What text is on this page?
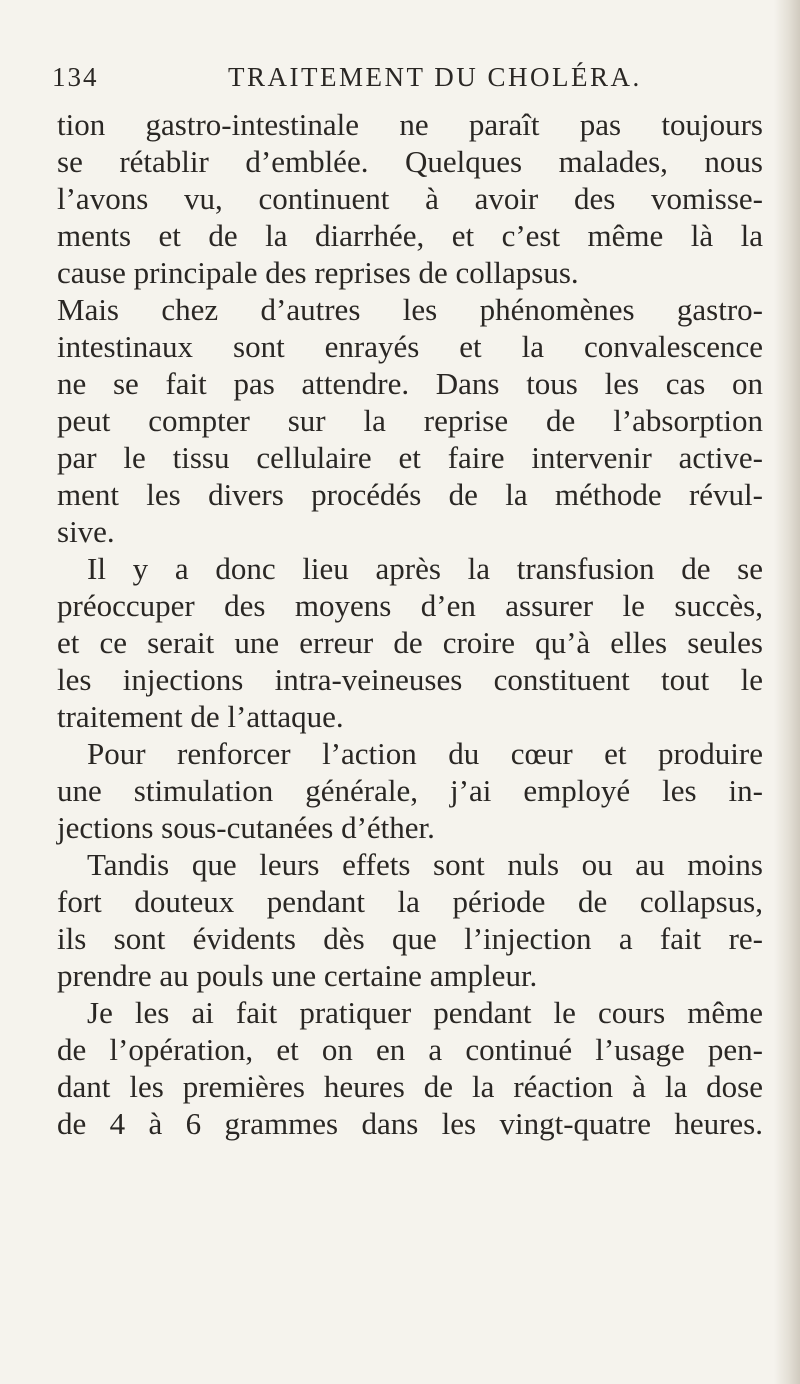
134	TRAITEMENT DU CHOLÉRA.
tion gastro-intestinale ne paraît pas toujours
se rétablir d’emblée. Quelques malades, nous
l’avons vu, continuent à avoir des vomisse-
ments et de la diarrhée, et c’est même là la
cause principale des reprises de collapsus.
Mais chez d’autres les phénomènes gastro-
intestinaux sont enrayés et la convalescence
ne se fait pas attendre. Dans tous les cas on
peut compter sur la reprise de l’absorption
par le tissu cellulaire et faire intervenir active-
ment les divers procédés de la méthode révul-
sive.
Il y a donc lieu après la transfusion de se
préoccuper des moyens d’en assurer le succès,
et ce serait une erreur de croire qu’à elles seules
les injections intra-veineuses constituent tout le
traitement de l’attaque.
Pour renforcer l’action du cœur et produire
une stimulation générale, j’ai employé les in-
jections sous-cutanées d’éther.
Tandis que leurs effets sont nuls ou au moins
fort douteux pendant la période de collapsus,
ils sont évidents dès que l’injection a fait re-
prendre au pouls une certaine ampleur.
Je les ai fait pratiquer pendant le cours même
de l’opération, et on en a continué l’usage pen-
dant les premières heures de la réaction à la dose
de 4 à 6 grammes dans les vingt-quatre heures.
